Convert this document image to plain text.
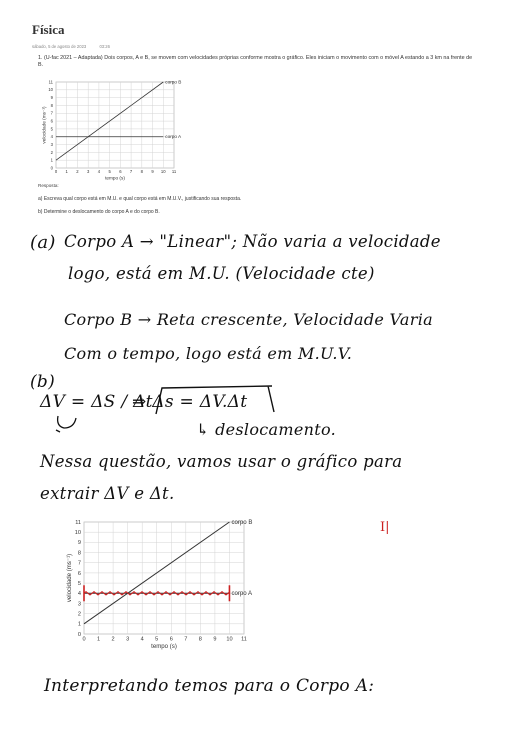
Física
sábado, 5 de agosto de 2023	03:26
1. (U-fac 2021 – Adaptada) Dois corpos, A e B, se movem com velocidades próprias conforme mostra o gráfico. Eles iniciam o movimento com o móvel A estando a 3 km na frente de B.
0 1 2 3 4 5 6 7 8 9 10 11
0
1
2
3
4
5
6
7
8
9
10
11	corpo B
corpo A
tempo (s)
velocidade (ms⁻¹)
Resposta:
a) Escreva qual corpo está em M.U. e qual corpo está em M.U.V., justificando sua resposta.
b) Determine o deslocamento do corpo A e do corpo B.
(a) Corpo A → "Linear"; Não varia a velocidade
logo, está em M.U. (Velocidade cte)
Corpo B → Reta crescente, Velocidade Varia
Com o tempo, logo está em M.U.V.
(b)
ΔV = ΔS / Δt
⇒ Δs = ΔV.Δt
↳ deslocamento.
Nessa questão, vamos usar o gráfico para
extrair ΔV e Δt.
0 1 2 3 4 5 6 7 8 9 10 11
0
1
2
3
4
5
6
7
8
9
10
11	corpo B
corpo A
tempo (s)
velocidade (ms⁻¹)
I|
Interpretando temos para o Corpo A:
